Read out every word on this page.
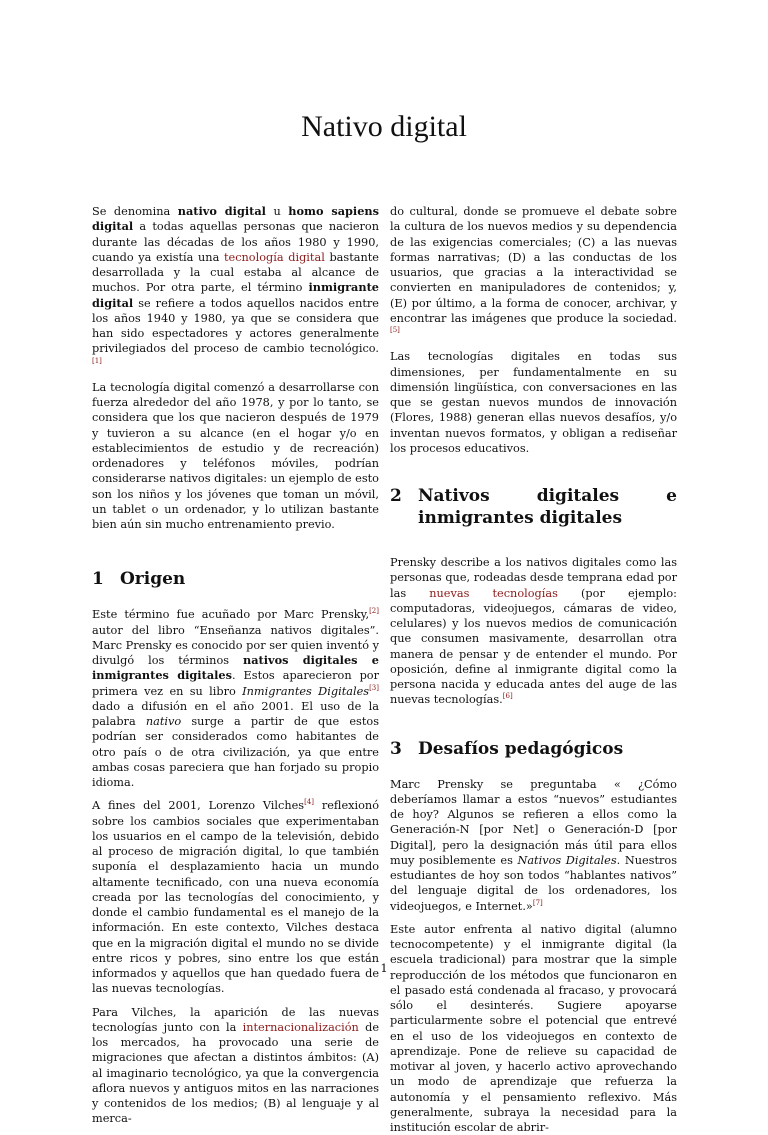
Nativo digital

Se denomina nativo digital u homo sapiens digital a todas aquellas personas que nacieron durante las décadas de los años 1980 y 1990, cuando ya existía una tecnología digital bastante desarrollada y la cual estaba al alcance de muchos. Por otra parte, el término inmigrante digital se refiere a todos aquellos nacidos entre los años 1940 y 1980, ya que se considera que han sido espectadores y actores generalmente privilegiados del proceso de cambio tecnológico.[1]

La tecnología digital comenzó a desarrollarse con fuerza alrededor del año 1978, y por lo tanto, se considera que los que nacieron después de 1979 y tuvieron a su alcance (en el hogar y/o en establecimientos de estudio y de recreación) ordenadores y teléfonos móviles, podrían considerarse nativos digitales: un ejemplo de esto son los niños y los jóvenes que toman un móvil, un tablet o un ordenador, y lo utilizan bastante bien aún sin mucho entrenamiento previo.

1 Origen

Este término fue acuñado por Marc Prensky,[2] autor del libro “Enseñanza nativos digitales”. Marc Prensky es conocido por ser quien inventó y divulgó los términos nativos digitales e inmigrantes digitales. Estos aparecieron por primera vez en su libro Inmigrantes Digitales[3] dado a difusión en el año 2001. El uso de la palabra nativo surge a partir de que estos podrían ser considerados como habitantes de otro país o de otra civilización, ya que entre ambas cosas pareciera que han forjado su propio idioma.

A fines del 2001, Lorenzo Vilches[4] reflexionó sobre los cambios sociales que experimentaban los usuarios en el campo de la televisión, debido al proceso de migración digital, lo que también suponía el desplazamiento hacia un mundo altamente tecnificado, con una nueva economía creada por las tecnologías del conocimiento, y donde el cambio fundamental es el manejo de la información. En este contexto, Vilches destaca que en la migración digital el mundo no se divide entre ricos y pobres, sino entre los que están informados y aquellos que han quedado fuera de las nuevas tecnologías.

Para Vilches, la aparición de las nuevas tecnologías junto con la internacionalización de los mercados, ha provocado una serie de migraciones que afectan a distintos ámbitos: (A) al imaginario tecnológico, ya que la convergencia aflora nuevos y antiguos mitos en las narraciones y contenidos de los medios; (B) al lenguaje y al merca-

do cultural, donde se promueve el debate sobre la cultura de los nuevos medios y su dependencia de las exigencias comerciales; (C) a las nuevas formas narrativas; (D) a las conductas de los usuarios, que gracias a la interactividad se convierten en manipuladores de contenidos; y, (E) por último, a la forma de conocer, archivar, y encontrar las imágenes que produce la sociedad.[5]

Las tecnologías digitales en todas sus dimensiones, per fundamentalmente en su dimensión lingüística, con conversaciones en las que se gestan nuevos mundos de innovación (Flores, 1988) generan ellas nuevos desafíos, y/o inventan nuevos formatos, y obligan a rediseñar los procesos educativos.

2 Nativos digitales e inmigrantes digitales

Prensky describe a los nativos digitales como las personas que, rodeadas desde temprana edad por las nuevas tecnologías (por ejemplo: computadoras, videojuegos, cámaras de video, celulares) y los nuevos medios de comunicación que consumen masivamente, desarrollan otra manera de pensar y de entender el mundo. Por oposición, define al inmigrante digital como la persona nacida y educada antes del auge de las nuevas tecnologías.[6]

3 Desafíos pedagógicos

Marc Prensky se preguntaba « ¿Cómo deberíamos llamar a estos “nuevos” estudiantes de hoy? Algunos se refieren a ellos como la Generación-N [por Net] o Generación-D [por Digital], pero la designación más útil para ellos muy posiblemente es Nativos Digitales. Nuestros estudiantes de hoy son todos “hablantes nativos” del lenguaje digital de los ordenadores, los videojuegos, e Internet.»[7]

Este autor enfrenta al nativo digital (alumno tecnocompetente) y el inmigrante digital (la escuela tradicional) para mostrar que la simple reproducción de los métodos que funcionaron en el pasado está condenada al fracaso, y provocará sólo el desinterés. Sugiere apoyarse particularmente sobre el potencial que entrevé en el uso de los videojuegos en contexto de aprendizaje. Pone de relieve su capacidad de motivar al joven, y hacerlo activo aprovechando un modo de aprendizaje que refuerza la autonomía y el pensamiento reflexivo. Más generalmente, subraya la necesidad para la institución escolar de abrir-

1
